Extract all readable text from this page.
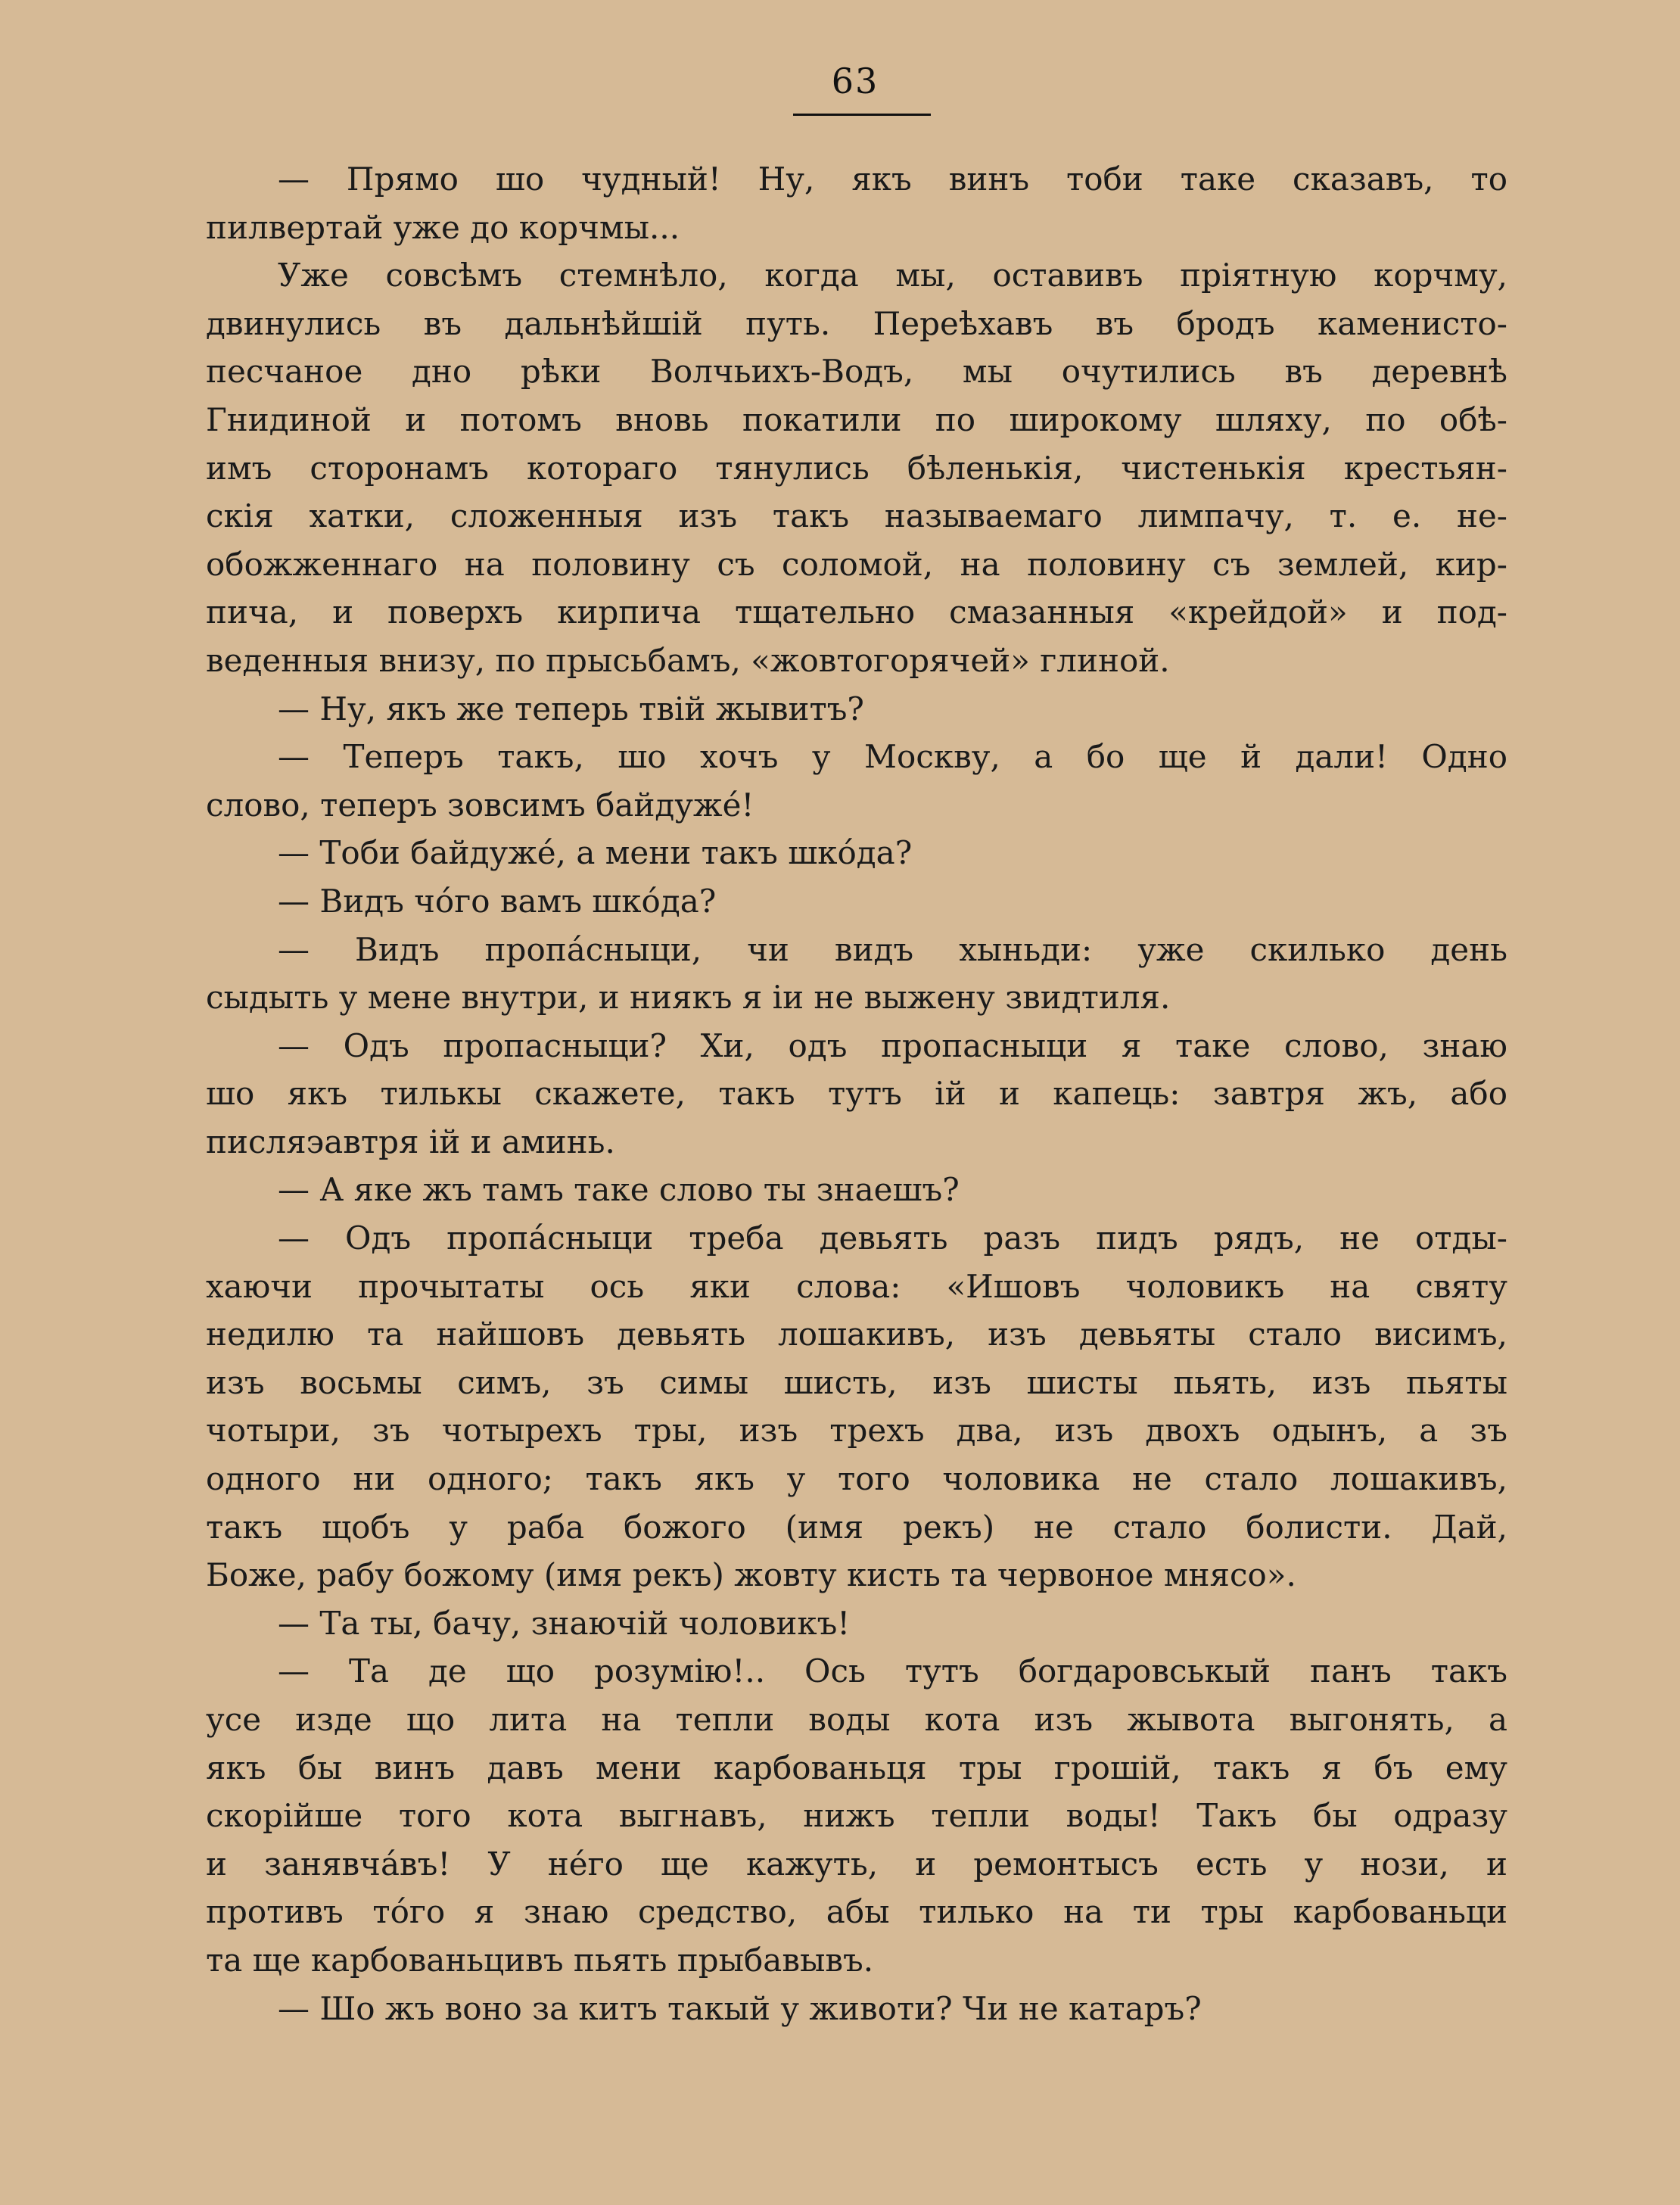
63
— Прямо шо чудный! Ну, якъ винъ тоби таке сказавъ, то
пилвертай уже до корчмы...
Уже совсѣмъ стемнѣло, когда мы, оставивъ пріятную корчму,
двинулись въ дальнѣйшій путь. Переѣхавъ въ бродъ каменисто-
песчаное дно рѣки Волчьихъ-Водъ, мы очутились въ деревнѣ
Гнидиной и потомъ вновь покатили по широкому шляху, по обѣ-
имъ сторонамъ котораго тянулись бѣленькія, чистенькія крестьян-
скія хатки, сложенныя изъ такъ называемаго лимпачу, т. е. не-
обожженнаго на половину съ соломой, на половину съ землей, кир-
пича, и поверхъ кирпича тщательно смазанныя «крейдой» и под-
веденныя внизу, по прысьбамъ, «жовтогорячей» глиной.
— Ну, якъ же теперь твій жывитъ?
— Теперъ такъ, шо хочъ у Москву, а бо ще й дали! Одно
слово, теперъ зовсимъ байдужé!
— Тоби байдужé, а мени такъ шкóда?
— Видъ чóго вамъ шкóда?
— Видъ пропáсныци, чи видъ хыньди: уже скилько день
сыдыть у мене внутри, и ниякъ я іи не выжену звидтиля.
— Одъ пропасныци? Хи, одъ пропасныци я таке слово, знаю
шо якъ тилькы скажете, такъ тутъ ій и капець: завтря жъ, або
писляэавтря ій и аминь.
— А яке жъ тамъ таке слово ты знаешъ?
— Одъ пропáсныци треба девьять разъ пидъ рядъ, не отды-
хаючи прочытаты ось яки слова: «Ишовъ чоловикъ на святу
недилю та найшовъ девьять лошакивъ, изъ девьяты стало висимъ,
изъ восьмы симъ, зъ симы шисть, изъ шисты пьять, изъ пьяты
чотыри, зъ чотырехъ тры, изъ трехъ два, изъ двохъ одынъ, а зъ
одного ни одного; такъ якъ у того чоловика не стало лошакивъ,
такъ щобъ у раба божого (имя рекъ) не стало болисти. Дай,
Боже, рабу божому (имя рекъ) жовту кисть та червоное мнясо».
— Та ты, бачу, знаючій чоловикъ!
— Та де що розумію!.. Ось тутъ богдаровськый панъ такъ
усе изде що лита на тепли воды кота изъ жывота выгонять, а
якъ бы винъ давъ мени карбованьця тры грошій, такъ я бъ ему
скорійше того кота выгнавъ, нижъ тепли воды! Такъ бы одразу
и занявчáвъ! У нéго ще кажуть, и ремонтысъ есть у нози, и
противъ тóго я знаю средство, абы тилько на ти тры карбованьци
та ще карбованьцивъ пьять прыбавывъ.
— Шо жъ воно за китъ такый у животи? Чи не катаръ?
